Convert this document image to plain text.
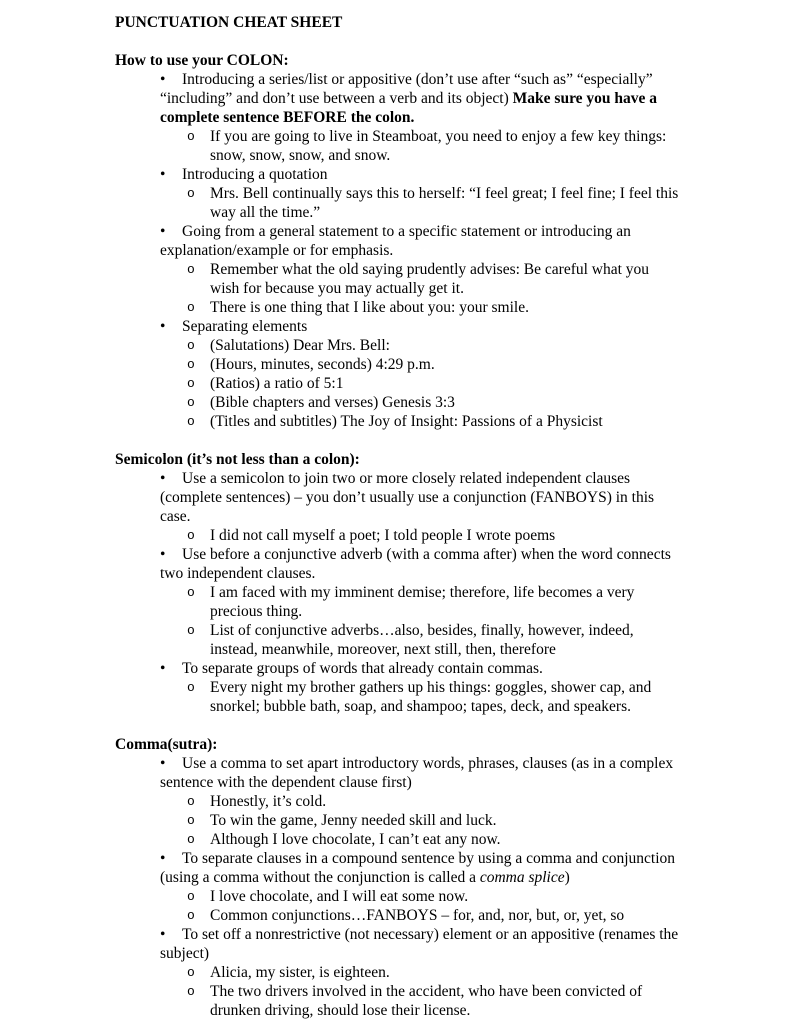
PUNCTUATION CHEAT SHEET
How to use your COLON:
• Introducing a series/list or appositive (don’t use after “such as” “especially” “including” and don’t use between a verb and its object) Make sure you have a complete sentence BEFORE the colon.
o If you are going to live in Steamboat, you need to enjoy a few key things: snow, snow, snow, and snow.
• Introducing a quotation
o Mrs. Bell continually says this to herself: “I feel great; I feel fine; I feel this way all the time.”
• Going from a general statement to a specific statement or introducing an explanation/example or for emphasis.
o Remember what the old saying prudently advises: Be careful what you wish for because you may actually get it.
o There is one thing that I like about you: your smile.
• Separating elements
o (Salutations) Dear Mrs. Bell:
o (Hours, minutes, seconds) 4:29 p.m.
o (Ratios) a ratio of 5:1
o (Bible chapters and verses) Genesis 3:3
o (Titles and subtitles) The Joy of Insight: Passions of a Physicist
Semicolon (it’s not less than a colon):
• Use a semicolon to join two or more closely related independent clauses (complete sentences) – you don’t usually use a conjunction (FANBOYS) in this case.
o I did not call myself a poet; I told people I wrote poems
• Use before a conjunctive adverb (with a comma after) when the word connects two independent clauses.
o I am faced with my imminent demise; therefore, life becomes a very precious thing.
o List of conjunctive adverbs…also, besides, finally, however, indeed, instead, meanwhile, moreover, next still, then, therefore
• To separate groups of words that already contain commas.
o Every night my brother gathers up his things: goggles, shower cap, and snorkel; bubble bath, soap, and shampoo; tapes, deck, and speakers.
Comma(sutra):
• Use a comma to set apart introductory words, phrases, clauses (as in a complex sentence with the dependent clause first)
o Honestly, it’s cold.
o To win the game, Jenny needed skill and luck.
o Although I love chocolate, I can’t eat any now.
• To separate clauses in a compound sentence by using a comma and conjunction (using a comma without the conjunction is called a comma splice)
o I love chocolate, and I will eat some now.
o Common conjunctions…FANBOYS – for, and, nor, but, or, yet, so
• To set off a nonrestrictive (not necessary) element or an appositive (renames the subject)
o Alicia, my sister, is eighteen.
o The two drivers involved in the accident, who have been convicted of drunken driving, should lose their license.
